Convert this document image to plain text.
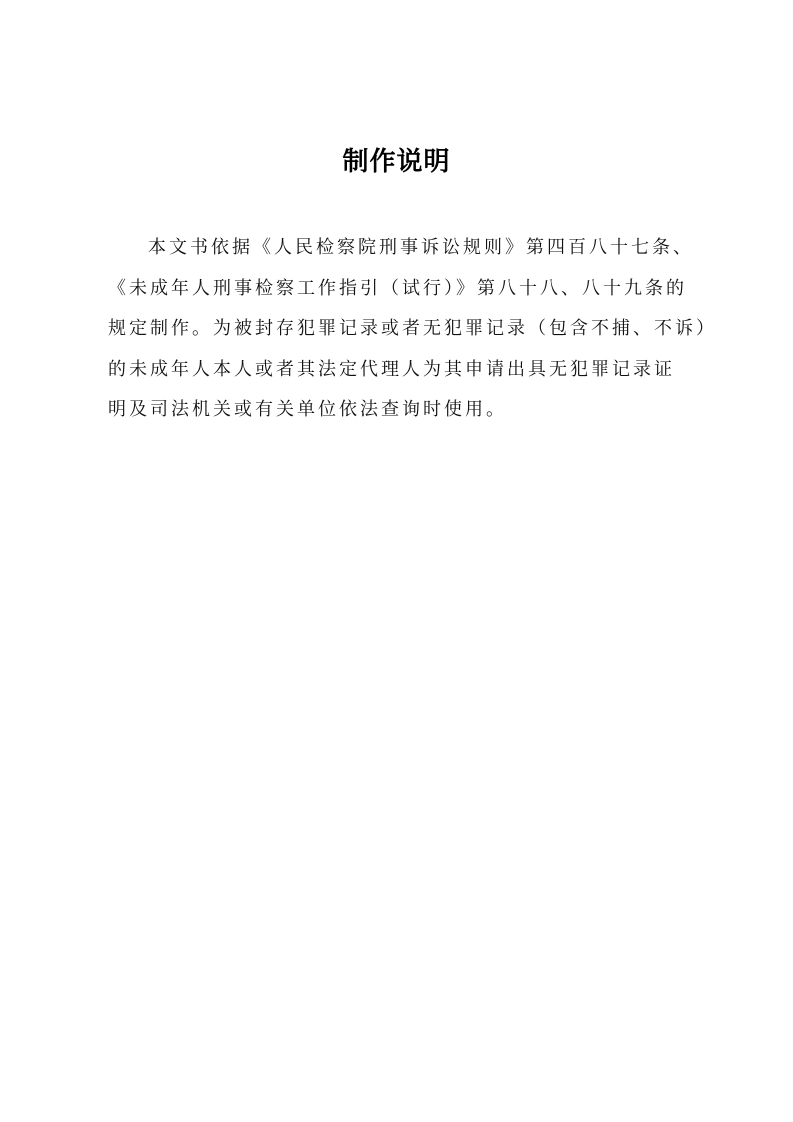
制作说明
本文书依据《人民检察院刑事诉讼规则》第四百八十七条、
《未成年人刑事检察工作指引（试行）》第八十八、八十九条的
规定制作。为被封存犯罪记录或者无犯罪记录（包含不捕、不诉）
的未成年人本人或者其法定代理人为其申请出具无犯罪记录证
明及司法机关或有关单位依法查询时使用。
